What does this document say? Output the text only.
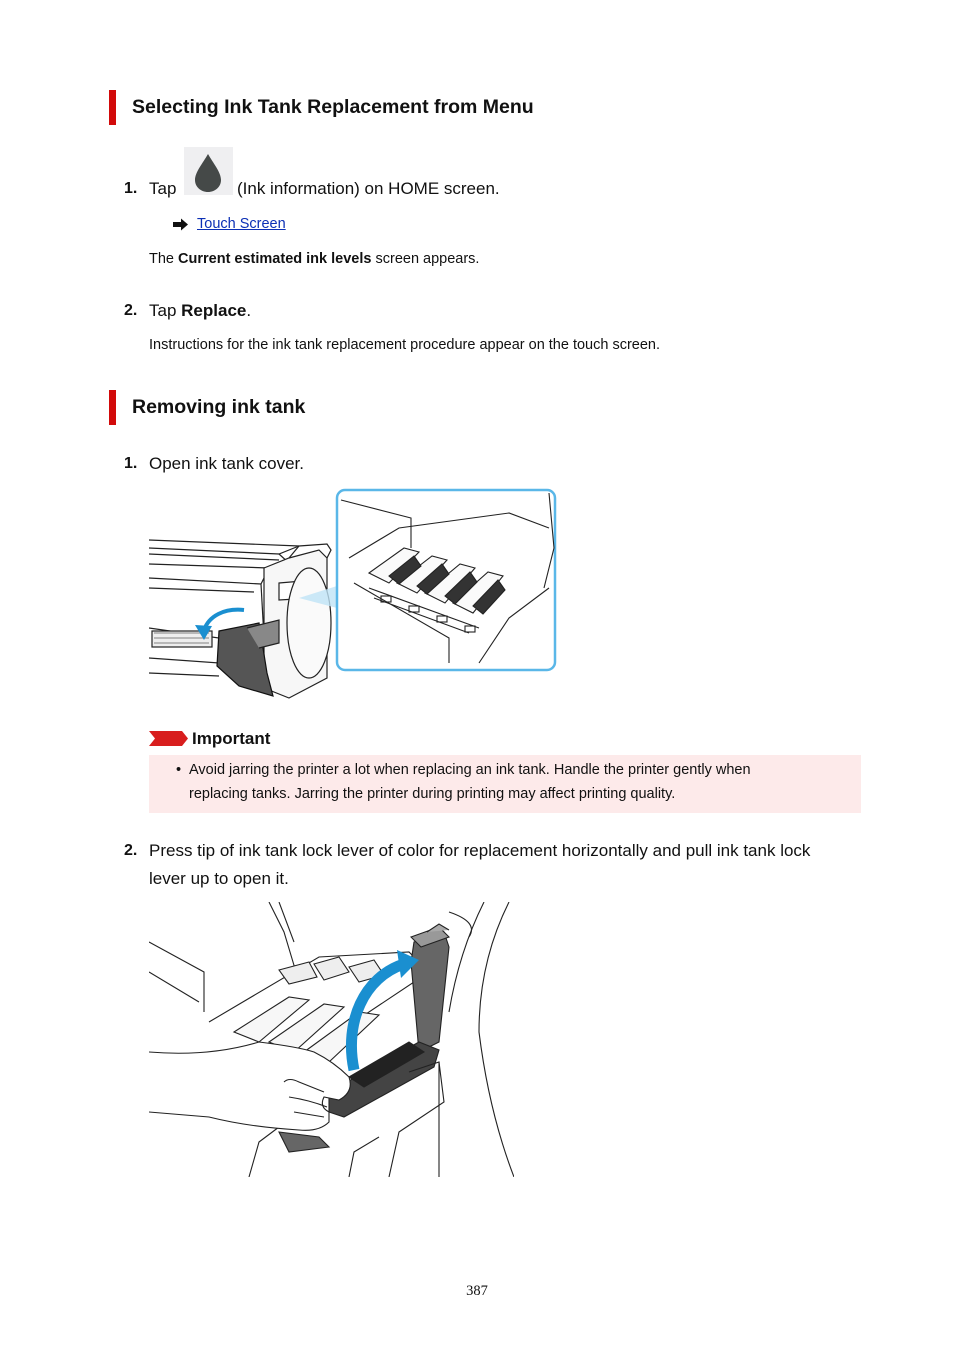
Selecting Ink Tank Replacement from Menu
1. Tap	(Ink information) on HOME screen.
Touch Screen
The Current estimated ink levels screen appears.
2. Tap Replace.
Instructions for the ink tank replacement procedure appear on the touch screen.
Removing ink tank
1. Open ink tank cover.
Important
• Avoid jarring the printer a lot when replacing an ink tank. Handle the printer gently when
replacing tanks. Jarring the printer during printing may affect printing quality.
2. Press tip of ink tank lock lever of color for replacement horizontally and pull ink tank lock
lever up to open it.
387
